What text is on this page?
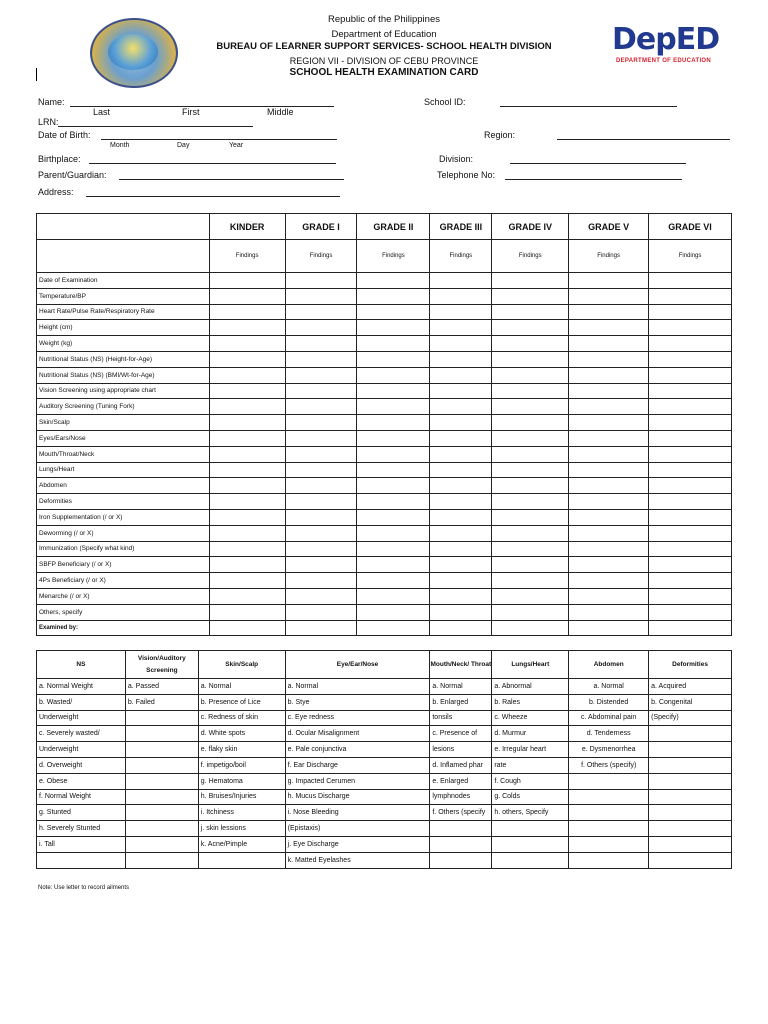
Republic of the Philippines
Department of Education
BUREAU OF LEARNER SUPPORT SERVICES- SCHOOL HEALTH DIVISION
REGION VII - DIVISION OF CEBU PROVINCE
SCHOOL HEALTH EXAMINATION CARD
DepED
DEPARTMENT OF EDUCATION
Name:
Last	First	Middle
School ID:
LRN:
Date of Birth:
Month	Day	Year
Region:
Birthplace:	Division:
Parent/Guardian:	Telephone No:
Address:
	KINDER	GRADE I	GRADE II	GRADE III	GRADE IV	GRADE V	GRADE VI
	Findings	Findings	Findings	Findings	Findings	Findings	Findings
Date of Examination							
Temperature/BP							
Heart Rate/Pulse Rate/Respiratory Rate							
Height (cm)							
Weight (kg)							
Nutritional Status (NS) (Height-for-Age)							
Nutritional Status (NS) (BMI/Wt-for-Age)							
Vision Screening using appropriate chart							
Auditory Screening (Tuning Fork)							
Skin/Scalp							
Eyes/Ears/Nose							
Mouth/Throat/Neck							
Lungs/Heart							
Abdomen							
Deformities							
Iron Supplementation (/ or X)							
Deworming (/ or X)							
Immunization (Specify what kind)							
SBFP Beneficiary (/ or X)							
4Ps Beneficiary (/ or X)							
Menarche (/ or X)							
Others, specify							
Examined by:							
NS	Vision/Auditory Screening	Skin/Scalp	Eye/Ear/Nose	Mouth/Neck/ Throat	Lungs/Heart	Abdomen	Deformities
a. Normal Weight	a. Passed	a. Normal	a. Normal	a. Normal	a. Abnormal	a. Normal	a. Acquired
b. Wasted/	b. Failed	b. Presence of Lice	b. Stye	b. Enlarged	b. Rales	b. Distended	b. Congenital
Underweight		c. Redness of skin	c. Eye redness	tonsils	c. Wheeze	c. Abdominal pain	(Specify)
c. Severely wasted/		d. White spots	d. Ocular Misalignment	c. Presence of	d. Murmur	d. Tenderness	
Underweight		e. flaky skin	e. Pale conjunctiva	lesions	e. Irregular heart	e. Dysmenorrhea	
d. Overweight		f. impetigo/boil	f. Ear Discharge	d. Inflamed phar	rate	f. Others (specify)	
e. Obese		g. Hematoma	g. Impacted Cerumen	e. Enlarged	f. Cough		
f. Normal Weight		h. Bruises/Injuries	h. Mucus Discharge	lymphnodes	g. Colds		
g. Stunted		i. Itchiness	i. Nose Bleeding	f. Others (specify	h. others, Specify		
h. Severely Stunted		j. skin lessions	(Epistaxis)				
i. Tall		k. Acne/Pimple	j. Eye Discharge				
			k. Matted Eyelashes				
Note: Use letter to record ailments
